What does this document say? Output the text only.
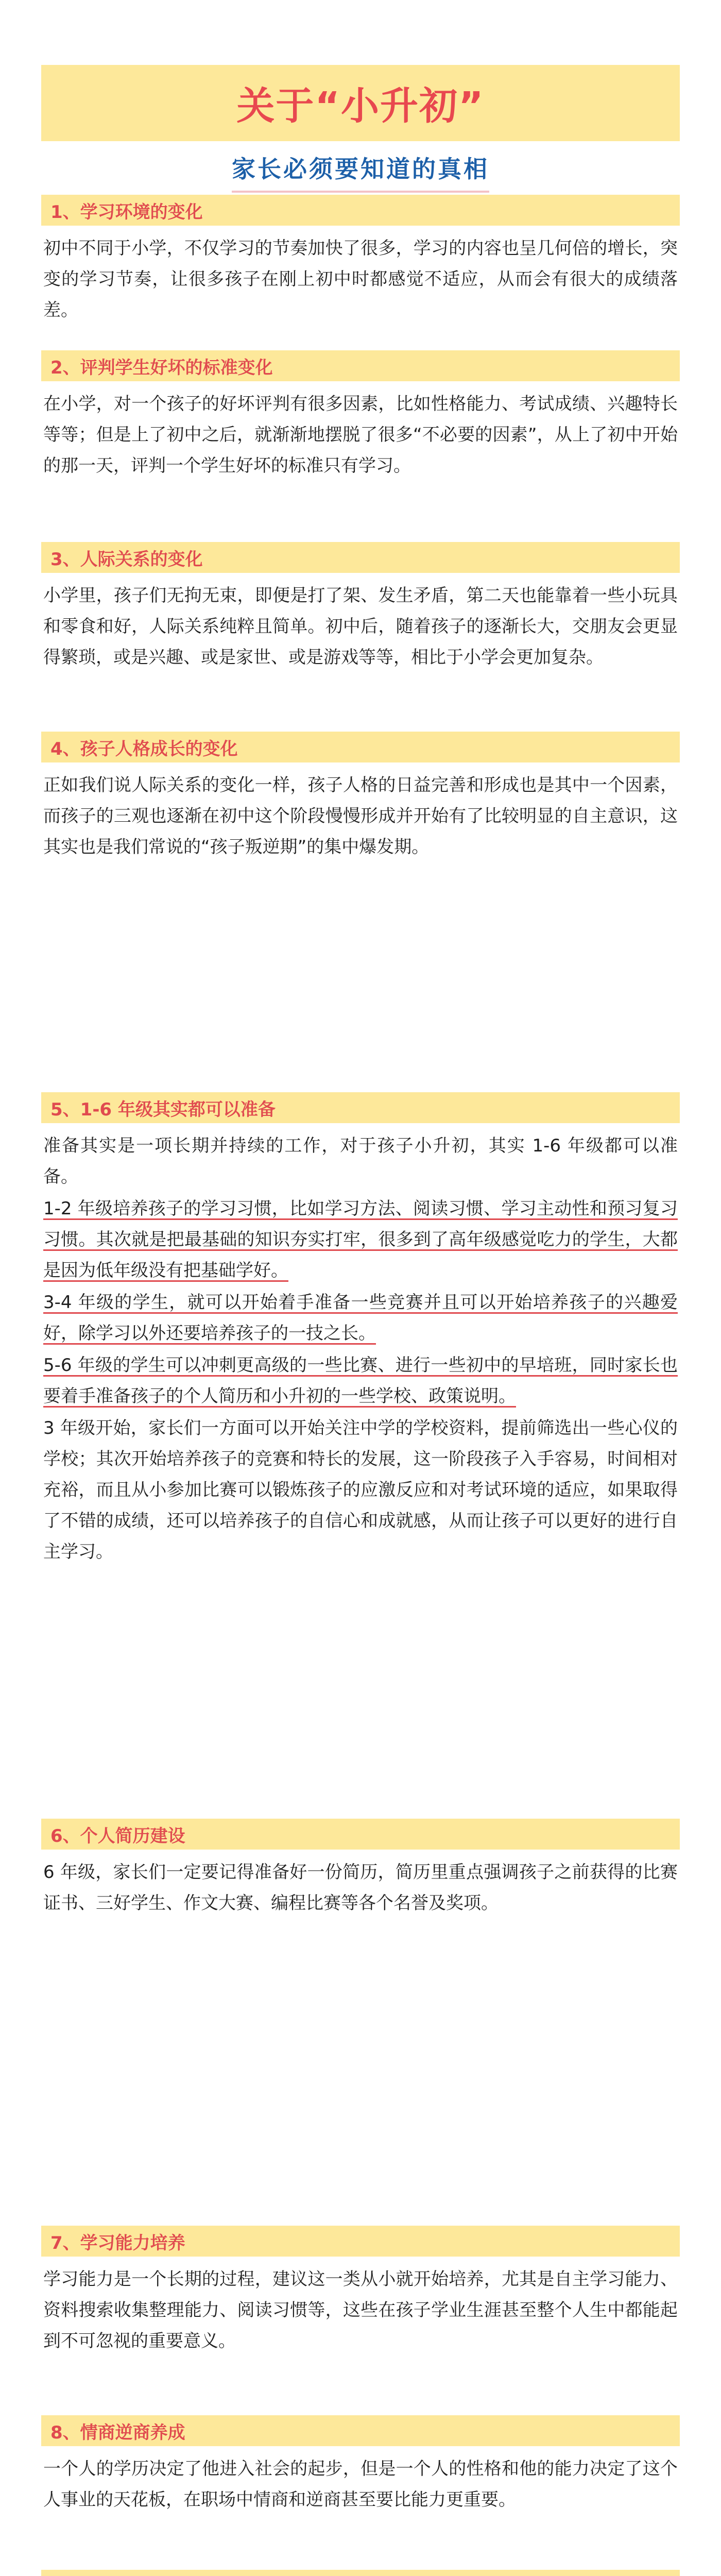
关于“小升初”
家长必须要知道的真相
1、学习环境的变化

初中不同于小学，不仅学习的节奏加快了很多，学习的内容也呈几何倍的增长，突变的学习节奏，让很多孩子在刚上初中时都感觉不适应，从而会有很大的成绩落差。

2、评判学生好坏的标准变化

在小学，对一个孩子的好坏评判有很多因素，比如性格能力、考试成绩、兴趣特长等等；但是上了初中之后，就渐渐地摆脱了很多“不必要的因素”，从上了初中开始的那一天，评判一个学生好坏的标准只有学习。

3、人际关系的变化

小学里，孩子们无拘无束，即便是打了架、发生矛盾，第二天也能靠着一些小玩具和零食和好，人际关系纯粹且简单。初中后，随着孩子的逐渐长大，交朋友会更显得繁琐，或是兴趣、或是家世、或是游戏等等，相比于小学会更加复杂。

4、孩子人格成长的变化

正如我们说人际关系的变化一样，孩子人格的日益完善和形成也是其中一个因素，而孩子的三观也逐渐在初中这个阶段慢慢形成并开始有了比较明显的自主意识，这其实也是我们常说的“孩子叛逆期”的集中爆发期。

5、1-6 年级其实都可以准备

准备其实是一项长期并持续的工作，对于孩子小升初，其实 1-6 年级都可以准备。

1-2 年级培养孩子的学习习惯，比如学习方法、阅读习惯、学习主动性和预习复习习惯。其次就是把最基础的知识夯实打牢，很多到了高年级感觉吃力的学生，大都是因为低年级没有把基础学好。

3-4 年级的学生，就可以开始着手准备一些竞赛并且可以开始培养孩子的兴趣爱好，除学习以外还要培养孩子的一技之长。

5-6 年级的学生可以冲刺更高级的一些比赛、进行一些初中的早培班，同时家长也要着手准备孩子的个人简历和小升初的一些学校、政策说明。

3 年级开始，家长们一方面可以开始关注中学的学校资料，提前筛选出一些心仪的学校；其次开始培养孩子的竞赛和特长的发展，这一阶段孩子入手容易，时间相对充裕，而且从小参加比赛可以锻炼孩子的应激反应和对考试环境的适应，如果取得了不错的成绩，还可以培养孩子的自信心和成就感，从而让孩子可以更好的进行自主学习。

6、个人简历建设

6 年级，家长们一定要记得准备好一份简历，简历里重点强调孩子之前获得的比赛证书、三好学生、作文大赛、编程比赛等各个名誉及奖项。

7、学习能力培养

学习能力是一个长期的过程，建议这一类从小就开始培养，尤其是自主学习能力、资料搜索收集整理能力、阅读习惯等，这些在孩子学业生涯甚至整个人生中都能起到不可忽视的重要意义。

8、情商逆商养成

一个人的学历决定了他进入社会的起步，但是一个人的性格和他的能力决定了这个人事业的天花板，在职场中情商和逆商甚至要比能力更重要。
